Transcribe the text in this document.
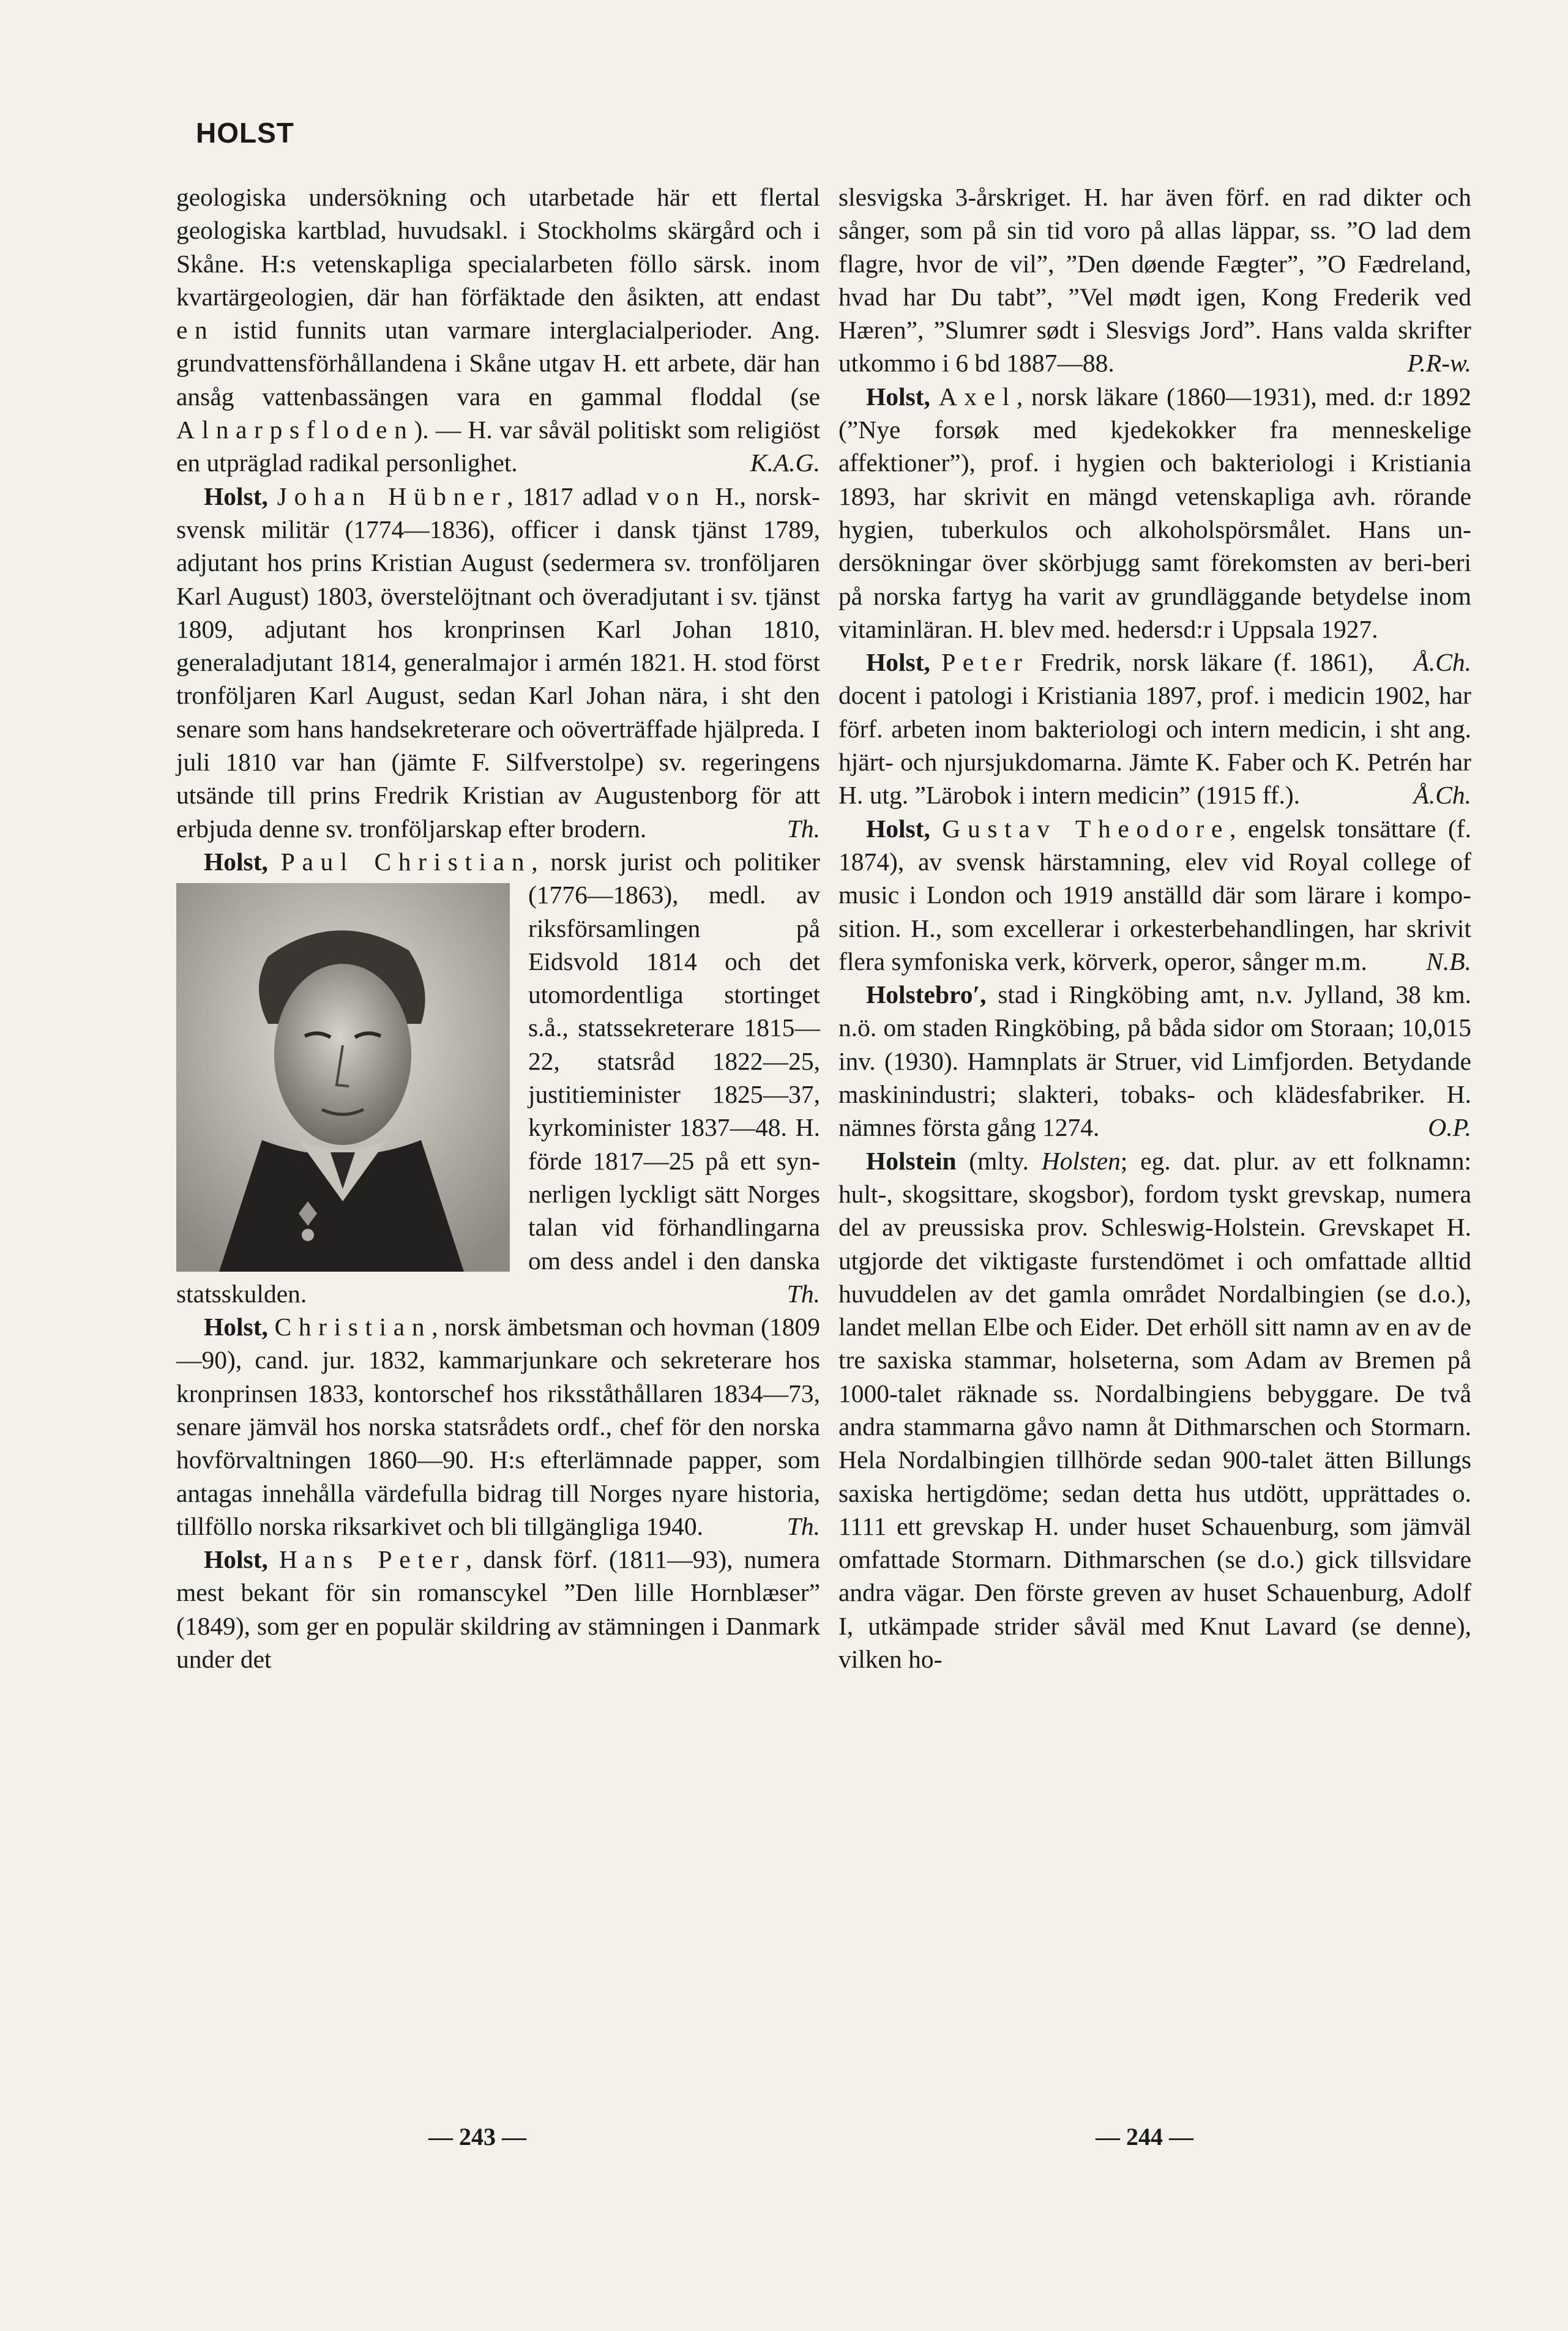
HOLST

geologiska undersökning och utarbetade här ett flertal geologiska kartblad, huvudsakl. i Stockholms skärgård och i Skåne. H:s vetenskapliga specialarbeten föllo särsk. inom kvartärgeologien, där han förfäktade den åsikten, att endast en istid funnits utan varmare interglacialperioder. Ang. grundvattensförhållandena i Skåne utgav H. ett arbete, där han ansåg vattenbassängen vara en gammal floddal (se Alnarpsfloden). — H. var såväl politiskt som religiöst en utpräglad radikal personlighet.	K.A.G.

Holst, Johan Hübner, 1817 adlad von H., norsk-svensk militär (1774—1836), officer i dansk tjänst 1789, adjutant hos prins Kristian August (sedermera sv. tronföljaren Karl August) 1803, överstelöjtnant och överadjutant i sv. tjänst 1809, adjutant hos kronprinsen Karl Johan 1810, generaladjutant 1814, generalmajor i armén 1821. H. stod först tronföljaren Karl August, sedan Karl Johan nära, i sht den senare som hans handsekreterare och oöverträffade hjälpreda. I juli 1810 var han (jämte F. Silfverstolpe) sv. regeringens utsände till prins Fredrik Kristian av Augustenborg för att erbjuda denne sv. tronföljarskap efter brodern.	Th.

Holst, Paul Christian
, norsk jurist och politiker (1776—1863), medl. av riksförsamlingen på Eidsvold 1814 och det utomordentliga stortinget s.å., statssekreterare 1815—22, statsråd 1822—25, justitieminister 1825—37, kyrkominister 1837—48. H. förde 1817—25 på ett synnerligen lyckligt sätt Norges talan vid förhandlingarna om dess andel i den danska statsskulden.	Th.

Holst, Christian, norsk ämbetsman och hovman (1809—90), cand. jur. 1832, kammarjunkare och sekreterare hos kronprinsen 1833, kontorschef hos riksståthållaren 1834—73, senare jämväl hos norska statsrådets ordf., chef för den norska hovförvaltningen 1860—90. H:s efterlämnade papper, som antagas innehålla värdefulla bidrag till Norges nyare historia, tillföllo norska riksarkivet och bli tillgängliga 1940.	Th.

Holst, Hans Peter, dansk förf. (1811—93), numera mest bekant för sin romanscykel ”Den lille Hornblæser” (1849), som ger en populär skildring av stämningen i Danmark under det

slesvigska 3-årskriget. H. har även förf. en rad dikter och sånger, som på sin tid voro på allas läppar, ss. ”O lad dem flagre, hvor de vil”, ”Den døende Fægter”, ”O Fædreland, hvad har Du tabt”, ”Vel mødt igen, Kong Frederik ved Hæren”, ”Slumrer sødt i Slesvigs Jord”. Hans valda skrifter utkommo i 6 bd 1887—88.	P.R-w.

Holst, Axel, norsk läkare (1860—1931), med. d:r 1892 (”Nye forsøk med kjedekokker fra menneskelige affektioner”), prof. i hygien och bakteriologi i Kristiania 1893, har skrivit en mängd vetenskapliga avh. rörande hygien, tuberkulos och alkoholspörsmålet. Hans undersökningar över skörbjugg samt förekomsten av beri-beri på norska fartyg ha varit av grundläggande betydelse inom vitaminläran. H. blev med. hedersd:r i Uppsala 1927.
Å.Ch.

Holst, Peter Fredrik, norsk läkare (f. 1861), docent i patologi i Kristiania 1897, prof. i medicin 1902, har förf. arbeten inom bakteriologi och intern medicin, i sht ang. hjärt- och njursjukdomarna. Jämte K. Faber och K. Petrén har H. utg. ”Lärobok i intern medicin” (1915 ff.).	Å.Ch.

Holst, Gustav Theodore, engelsk tonsättare (f. 1874), av svensk härstamning, elev vid Royal college of music i London och 1919 anställd där som lärare i komposition. H., som excellerar i orkesterbehandlingen, har skrivit flera symfoniska verk, körverk, operor, sånger m.m.	N.B.

Holstebro′, stad i Ringköbing amt, n.v. Jylland, 38 km. n.ö. om staden Ringköbing, på båda sidor om Storaan; 10,015 inv. (1930). Hamnplats är Struer, vid Limfjorden. Betydande maskinindustri; slakteri, tobaks- och klädesfabriker. H. nämnes första gång 1274.	O.P.

Holstein (mlty. Holsten; eg. dat. plur. av ett folknamn: hult-, skogsittare, skogsbor), fordom tyskt grevskap, numera del av preussiska prov. Schleswig-Holstein. Grevskapet H. utgjorde det viktigaste furstendömet i och omfattade alltid huvuddelen av det gamla området Nordalbingien (se d.o.), landet mellan Elbe och Eider. Det erhöll sitt namn av en av de tre saxiska stammar, holseterna, som Adam av Bremen på 1000-talet räknade ss. Nordalbingiens bebyggare. De två andra stammarna gåvo namn åt Dithmarschen och Stormarn. Hela Nordalbingien tillhörde sedan 900-talet ätten Billungs saxiska hertigdöme; sedan detta hus utdött, upprättades o. 1111 ett grevskap H. under huset Schauenburg, som jämväl omfattade Stormarn. Dithmarschen (se d.o.) gick tillsvidare andra vägar. Den förste greven av huset Schauenburg, Adolf I, utkämpade strider såväl med Knut Lavard (se denne), vilken ho-

— 243 —	— 244 —
